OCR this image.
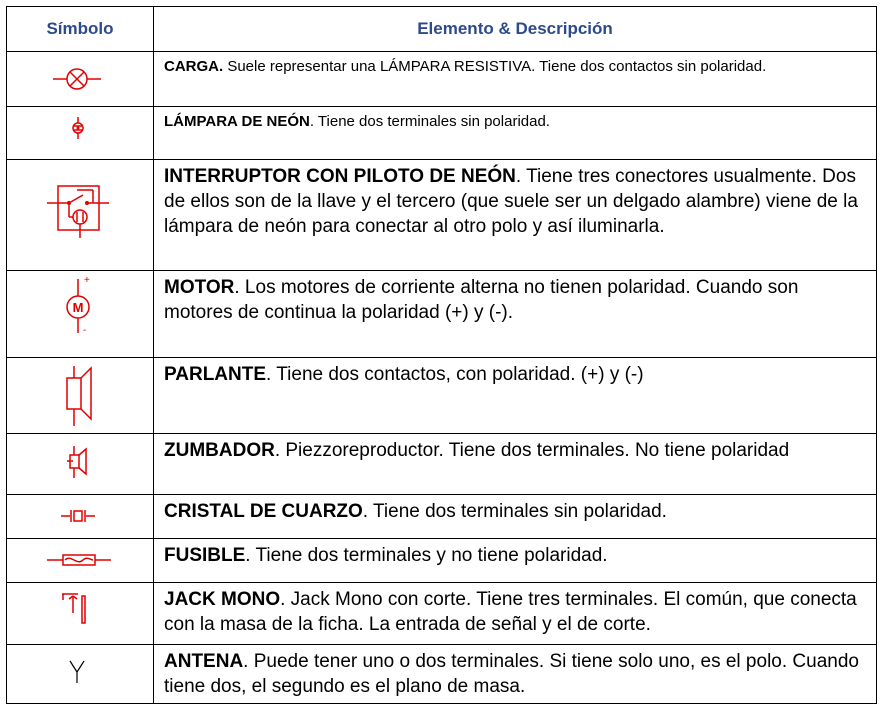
Símbolo	Elemento & Descripción

	CARGA. Suele representar una LÁMPARA RESISTIVA. Tiene dos contactos sin polaridad.

	LÁMPARA DE NEÓN. Tiene dos terminales sin polaridad.

	INTERRUPTOR CON PILOTO DE NEÓN. Tiene tres conectores usualmente. Dos de ellos son de la llave y el tercero (que suele ser un delgado alambre) viene de la lámpara de neón para conectar al otro polo y así iluminarla.

M
+
-	MOTOR. Los motores de corriente alterna no tienen polaridad. Cuando son motores de continua la polaridad (+) y (-).

	PARLANTE. Tiene dos contactos, con polaridad. (+) y (-)

	ZUMBADOR. Piezzoreproductor. Tiene dos terminales. No tiene polaridad

	CRISTAL DE CUARZO. Tiene dos terminales sin polaridad.

	FUSIBLE. Tiene dos terminales y no tiene polaridad.

	JACK MONO. Jack Mono con corte. Tiene tres terminales. El común, que conecta con la masa de la ficha. La entrada de señal y el de corte.

	ANTENA. Puede tener uno o dos terminales. Si tiene solo uno, es el polo. Cuando tiene dos, el segundo es el plano de masa.
